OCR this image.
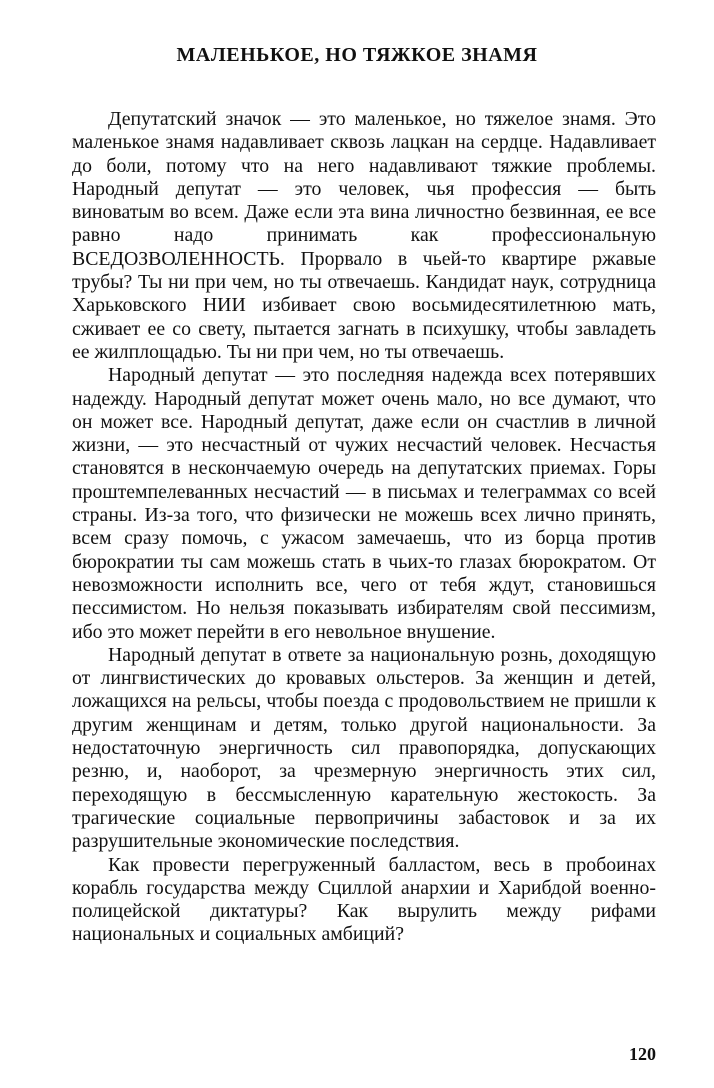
МАЛЕНЬКОЕ, НО ТЯЖКОЕ ЗНАМЯ

Депутатский значок — это маленькое, но тяжелое знамя. Это маленькое знамя надавливает сквозь лацкан на сердце. Надавливает до боли, потому что на него надавливают тяжкие проблемы. Народный депутат — это человек, чья профессия — быть виноватым во всем. Даже если эта вина личностно безвинная, ее все равно надо принимать как профессиональную ВСЕДОЗВОЛЕННОСТЬ. Прорвало в чьей-то квартире ржавые трубы? Ты ни при чем, но ты отвечаешь. Кандидат наук, сотрудница Харьковского НИИ избивает свою восьмидесятилетнюю мать, сживает ее со свету, пытается загнать в психушку, чтобы завладеть ее жилплощадью. Ты ни при чем, но ты отвечаешь.

Народный депутат — это последняя надежда всех потерявших надежду. Народный депутат может очень мало, но все думают, что он может все. Народный депутат, даже если он счастлив в личной жизни, — это несчастный от чужих несчастий человек. Несчастья становятся в нескончаемую очередь на депутатских приемах. Горы проштемпелеванных несчастий — в письмах и телеграммах со всей страны. Из-за того, что физически не можешь всех лично принять, всем сразу помочь, с ужасом замечаешь, что из борца против бюрократии ты сам можешь стать в чьих-то глазах бюрократом. От невозможности исполнить все, чего от тебя ждут, становишься пессимистом. Но нельзя показывать избирателям свой пессимизм, ибо это может перейти в его невольное внушение.

Народный депутат в ответе за национальную рознь, доходящую от лингвистических до кровавых ольстеров. За женщин и детей, ложащихся на рельсы, чтобы поезда с продовольствием не пришли к другим женщинам и детям, только другой национальности. За недостаточную энергичность сил правопорядка, допускающих резню, и, наоборот, за чрезмерную энергичность этих сил, переходящую в бессмысленную карательную жестокость. За трагические социальные первопричины забастовок и за их разрушительные экономические последствия.

Как провести перегруженный балластом, весь в пробоинах корабль государства между Сциллой анархии и Харибдой военно-полицейской диктатуры? Как вырулить между рифами национальных и социальных амбиций?

120
